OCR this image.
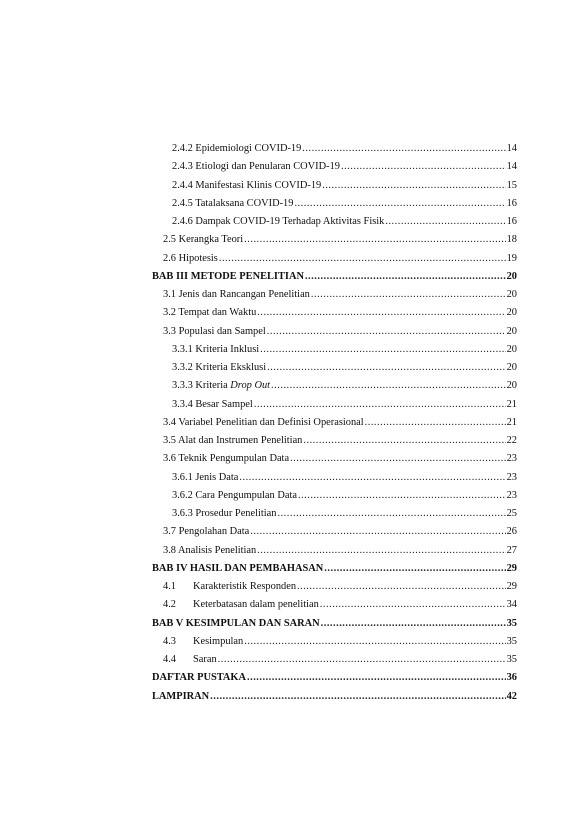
2.4.2 Epidemiologi COVID-19 .....	14
2.4.3 Etiologi dan Penularan COVID-19 .....	14
2.4.4 Manifestasi Klinis COVID-19 .....	15
2.4.5 Tatalaksana COVID-19 .....	16
2.4.6 Dampak COVID-19 Terhadap Aktivitas Fisik .....	16
2.5 Kerangka Teori .....	18
2.6 Hipotesis .....	19
BAB III METODE PENELITIAN .....	20
3.1 Jenis dan Rancangan Penelitian .....	20
3.2 Tempat dan Waktu .....	20
3.3 Populasi dan Sampel .....	20
3.3.1 Kriteria Inklusi .....	20
3.3.2 Kriteria Eksklusi .....	20
3.3.3 Kriteria Drop Out .....	20
3.3.4 Besar Sampel .....	21
3.4 Variabel Penelitian dan Definisi Operasional .....	21
3.5 Alat dan Instrumen Penelitian .....	22
3.6 Teknik Pengumpulan Data .....	23
3.6.1 Jenis Data .....	23
3.6.2 Cara Pengumpulan Data .....	23
3.6.3 Prosedur Penelitian .....	25
3.7 Pengolahan Data .....	26
3.8 Analisis Penelitian .....	27
BAB IV HASIL DAN PEMBAHASAN .....	29
4.1 Karakteristik Responden .....	29
4.2 Keterbatasan dalam penelitian .....	34
BAB V KESIMPULAN DAN SARAN .....	35
4.3 Kesimpulan .....	35
4.4 Saran .....	35
DAFTAR PUSTAKA .....	36
LAMPIRAN .....	42
